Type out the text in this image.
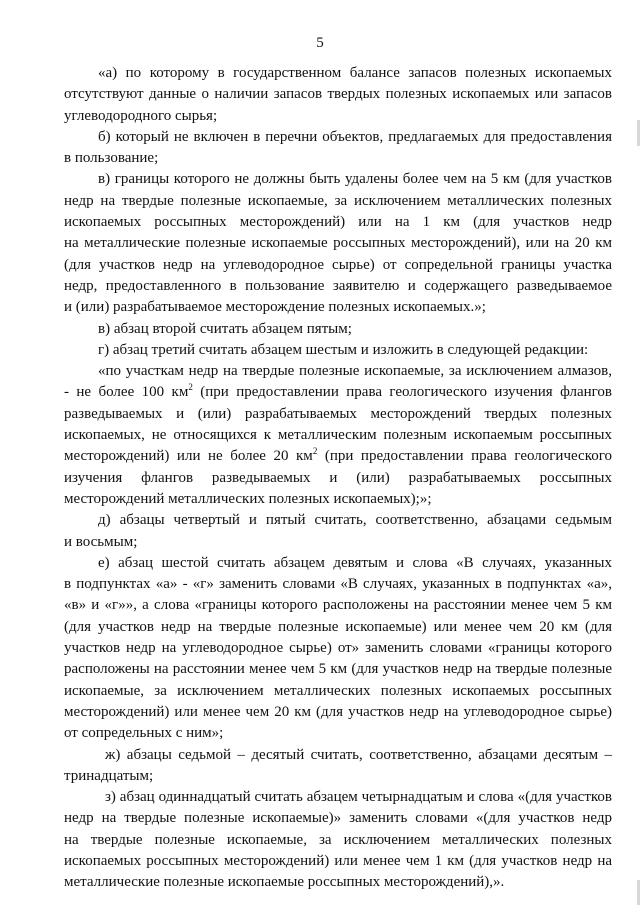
5
«а) по которому в государственном балансе запасов полезных ископаемых
отсутствуют данные о наличии запасов твердых полезных ископаемых или запасов
углеводородного сырья;
б) который не включен в перечни объектов, предлагаемых для предоставления
в пользование;
в) границы которого не должны быть удалены более чем на 5 км (для участков
недр на твердые полезные ископаемые, за исключением металлических полезных
ископаемых россыпных месторождений) или на 1 км (для участков недр
на металлические полезные ископаемые россыпных месторождений), или на 20 км
(для участков недр на углеводородное сырье) от сопредельной границы участка
недр, предоставленного в пользование заявителю и содержащего разведываемое
и (или) разрабатываемое месторождение полезных ископаемых.»;
в) абзац второй считать абзацем пятым;
г) абзац третий считать абзацем шестым и изложить в следующей редакции:
«по участкам недр на твердые полезные ископаемые, за исключением алмазов,
- не более 100 $км^2$ (при предоставлении права геологического изучения флангов
разведываемых и (или) разрабатываемых месторождений твердых полезных
ископаемых, не относящихся к металлическим полезным ископаемым россыпных
месторождений) или не более 20 $км^2$ (при предоставлении права геологического
изучения флангов разведываемых и (или) разрабатываемых россыпных
месторождений металлических полезных ископаемых);»;
д) абзацы четвертый и пятый считать, соответственно, абзацами седьмым
и восьмым;
е) абзац шестой считать абзацем девятым и слова «В случаях, указанных
в подпунктах «а» - «г» заменить словами «В случаях, указанных в подпунктах «а»,
«в» и «г»», а слова «границы которого расположены на расстоянии менее чем 5 км
(для участков недр на твердые полезные ископаемые) или менее чем 20 км (для
участков недр на углеводородное сырье) от» заменить словами «границы которого
расположены на расстоянии менее чем 5 км (для участков недр на твердые полезные
ископаемые, за исключением металлических полезных ископаемых россыпных
месторождений) или менее чем 20 км (для участков недр на углеводородное сырье)
от сопредельных с ним»;
ж) абзацы седьмой – десятый считать, соответственно, абзацами десятым –
тринадцатым;
з) абзац одиннадцатый считать абзацем четырнадцатым и слова «(для участков
недр на твердые полезные ископаемые)» заменить словами «(для участков недр
на твердые полезные ископаемые, за исключением металлических полезных
ископаемых россыпных месторождений) или менее чем 1 км (для участков недр на
металлические полезные ископаемые россыпных месторождений),».
